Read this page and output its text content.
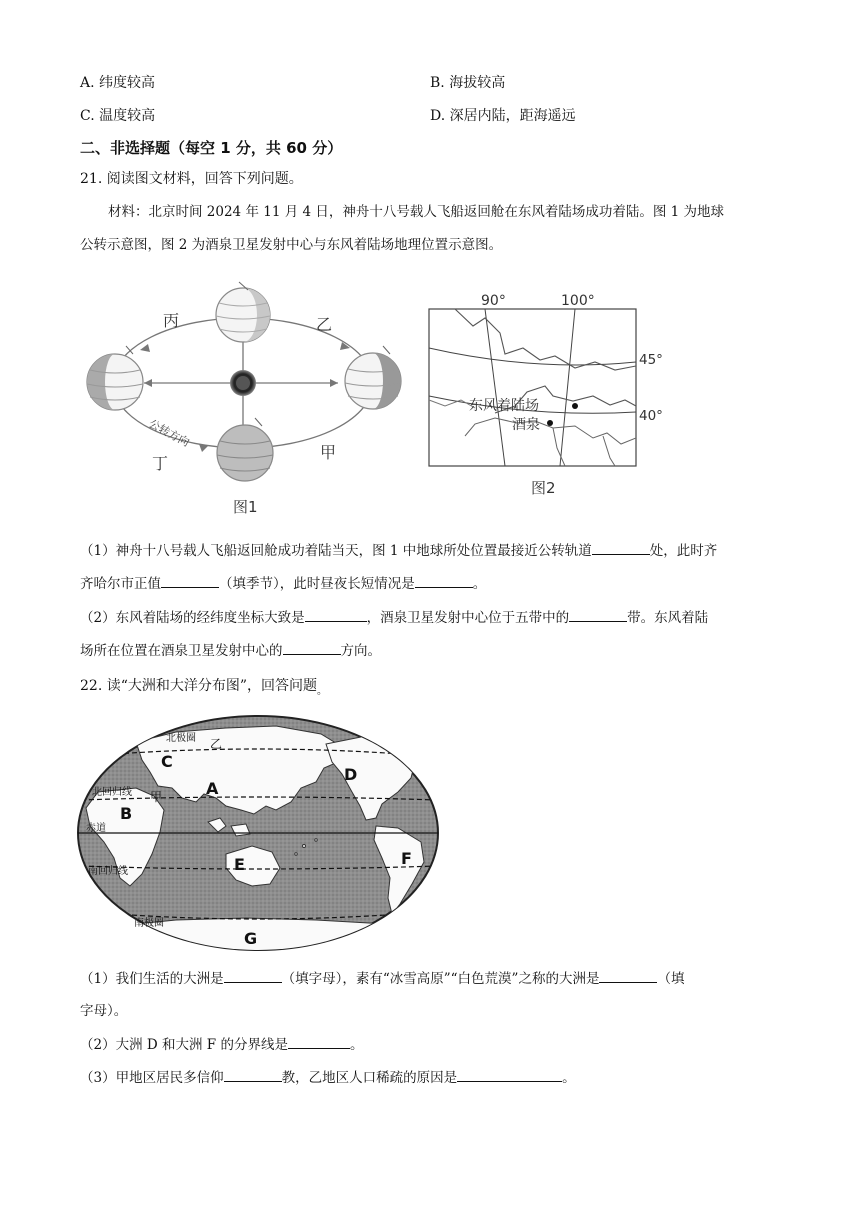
A. 纬度较高	B. 海拔较高
C. 温度较高	D. 深居内陆，距海遥远
二、非选择题（每空 1 分，共 60 分）
21. 阅读图文材料，回答下列问题。
材料：北京时间 2024 年 11 月 4 日，神舟十八号载人飞船返回舱在东风着陆场成功着陆。图 1 为地球
公转示意图，图 2 为酒泉卫星发射中心与东风着陆场地理位置示意图。
丙	乙
丁
甲
公转方向
图1
90°	100°
东风着陆场
酒泉
45°
40°
图2
（1）神舟十八号载人飞船返回舱成功着陆当天，图 1 中地球所处位置最接近公转轨道	处，此时齐
齐哈尔市正值	（填季节），此时昼夜长短情况是	。
（2）东风着陆场的经纬度坐标大致是	，酒泉卫星发射中心位于五带中的	带。东风着陆
场所在位置在酒泉卫星发射中心的	方向。
22. 读“大洲和大洋分布图”，回答问题$_。$
A
B
C
D
E	F
G
北极圈 乙
北回归线 甲
赤道
南回归线
南极圈
（1）我们生活的大洲是	（填字母），素有“冰雪高原”“白色荒漠”之称的大洲是	（填
字母）。
（2）大洲 D 和大洲 F 的分界线是	。
（3）甲地区居民多信仰	教，乙地区人口稀疏的原因是	。
